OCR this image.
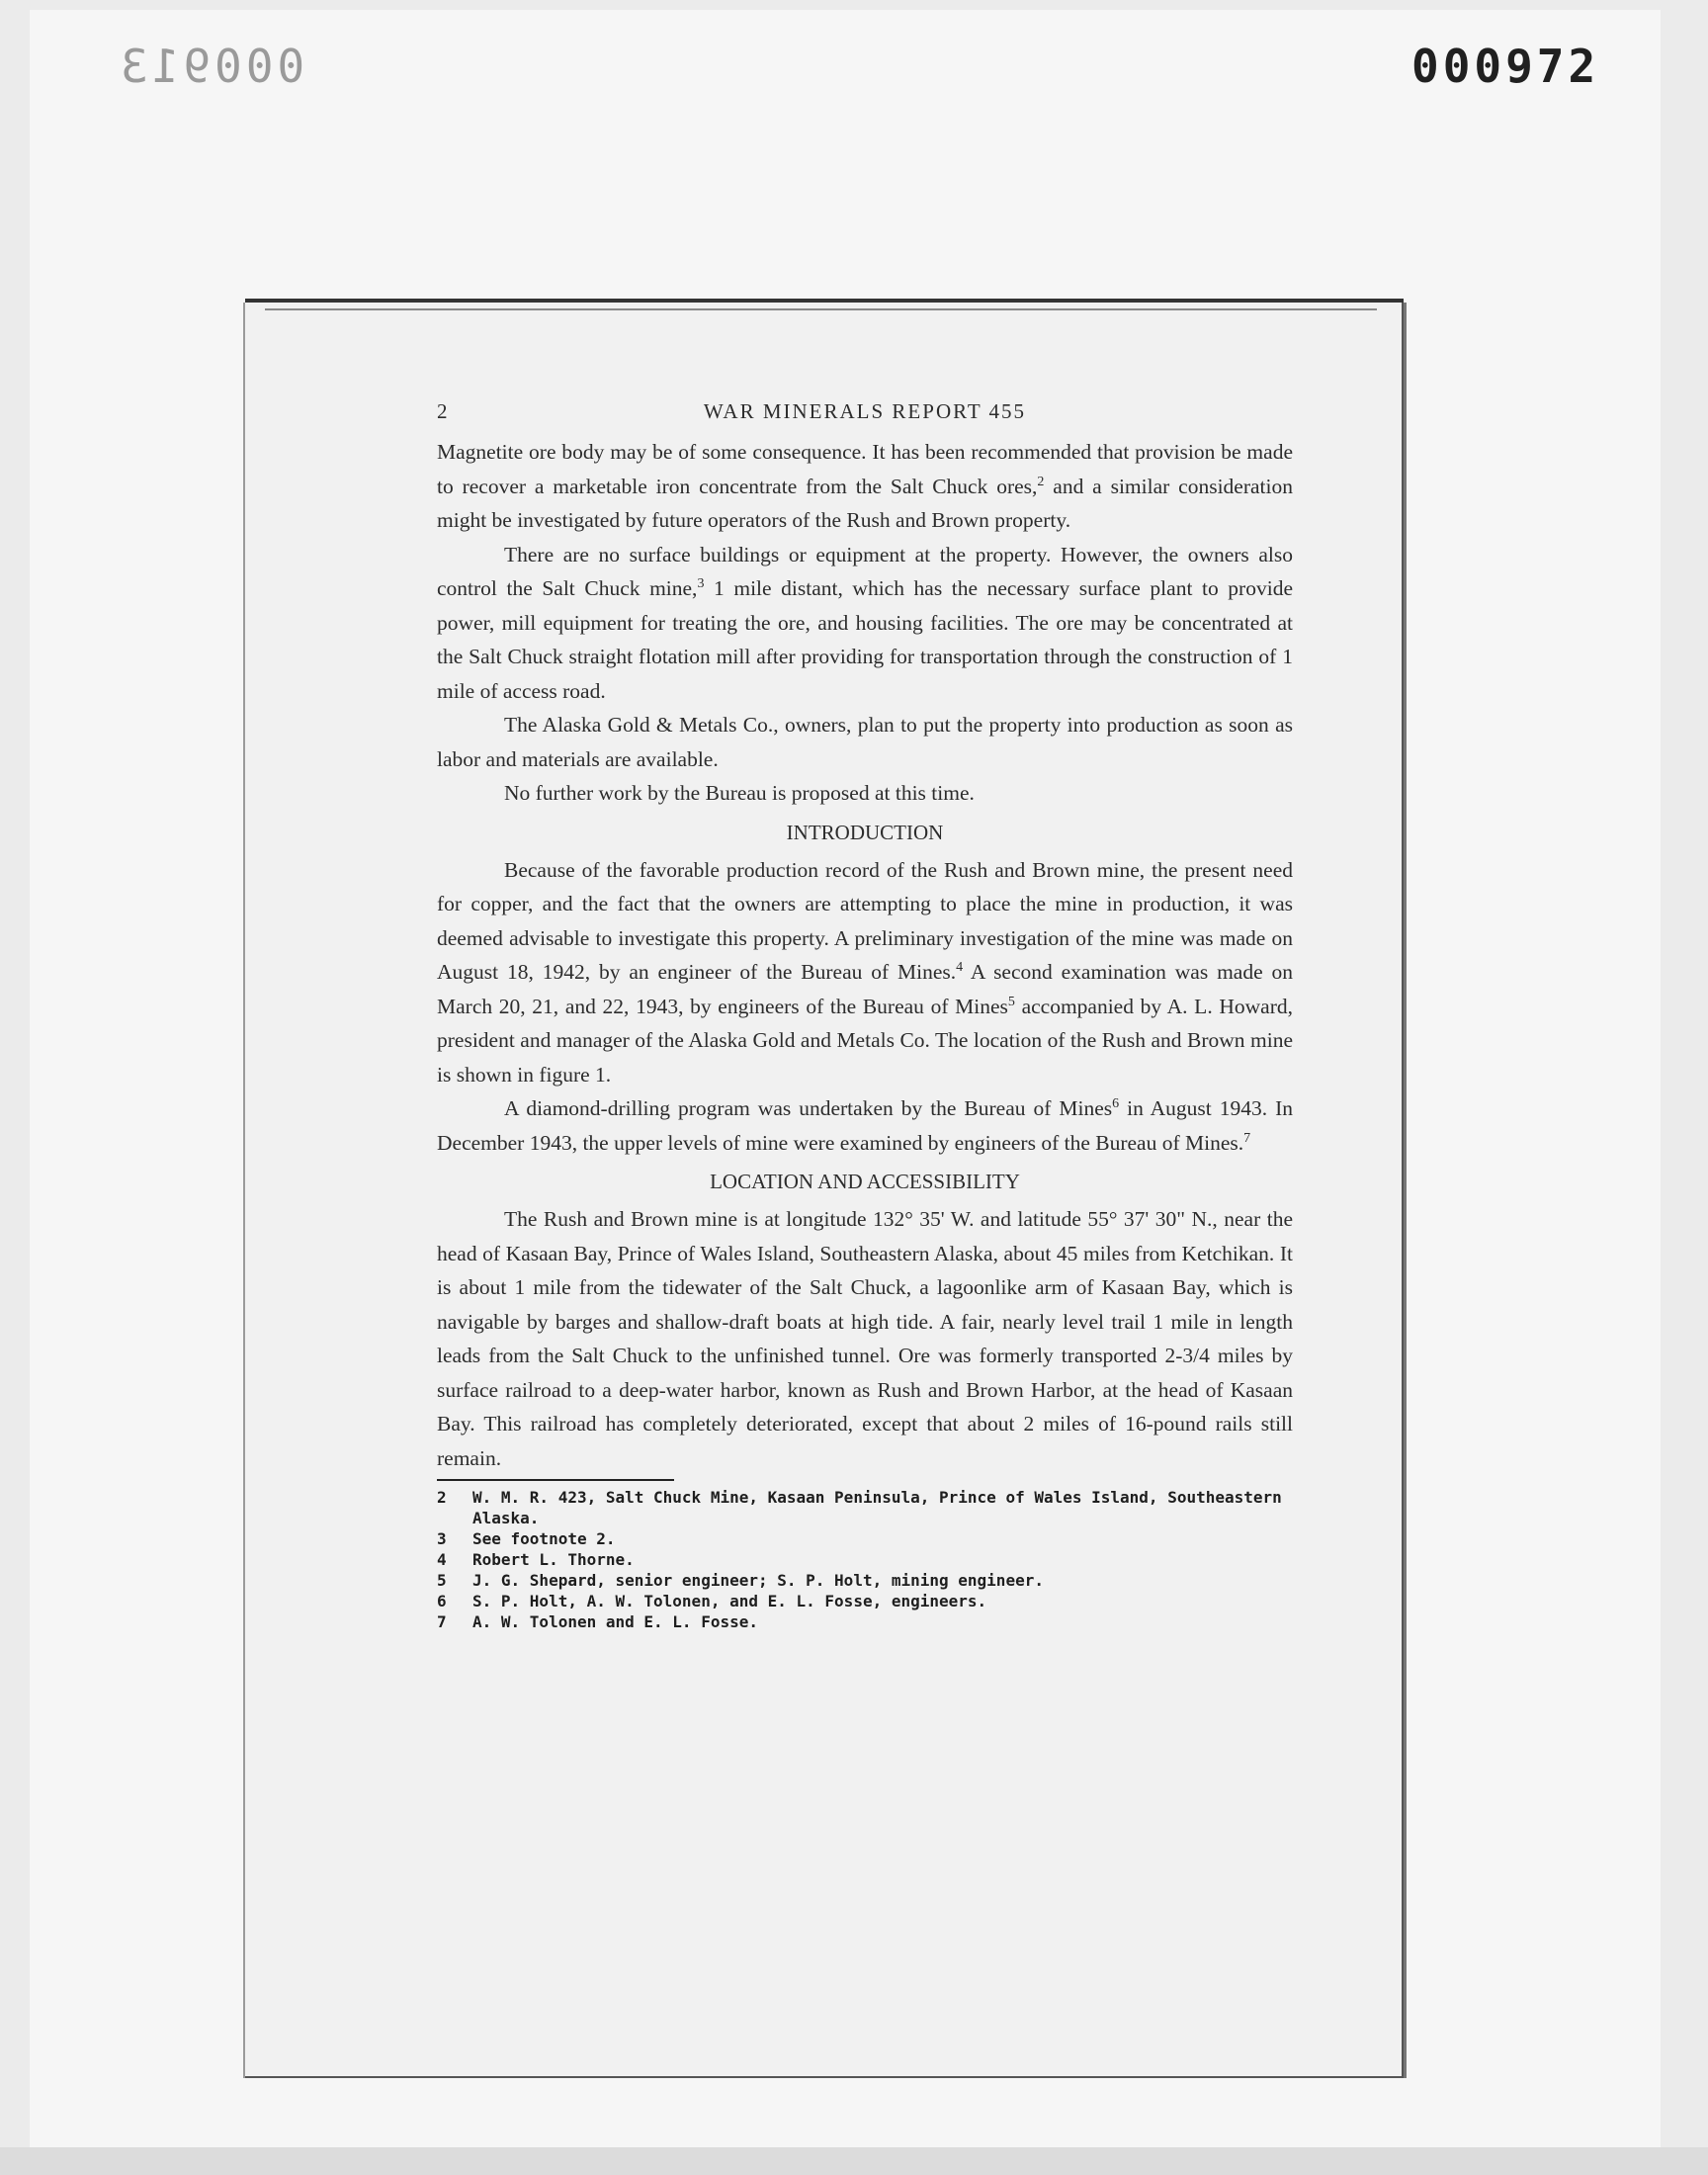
000913	000972
2	WAR MINERALS REPORT 455

Magnetite ore body may be of some consequence. It has been recommended that provision be made to recover a marketable iron concentrate from the Salt Chuck ores,$^2$ and a similar consideration might be investigated by future operators of the Rush and Brown property.

There are no surface buildings or equipment at the property. However, the owners also control the Salt Chuck mine,$^3$ 1 mile distant, which has the necessary surface plant to provide power, mill equipment for treating the ore, and housing facilities. The ore may be concentrated at the Salt Chuck straight flotation mill after providing for transportation through the construction of 1 mile of access road.

The Alaska Gold & Metals Co., owners, plan to put the property into production as soon as labor and materials are available.

No further work by the Bureau is proposed at this time.

INTRODUCTION

Because of the favorable production record of the Rush and Brown mine, the present need for copper, and the fact that the owners are attempting to place the mine in production, it was deemed advisable to investigate this property. A preliminary investigation of the mine was made on August 18, 1942, by an engineer of the Bureau of Mines.$^4$ A second examination was made on March 20, 21, and 22, 1943, by engineers of the Bureau of Mines$^5$ accompanied by A. L. Howard, president and manager of the Alaska Gold and Metals Co. The location of the Rush and Brown mine is shown in figure 1.

A diamond-drilling program was undertaken by the Bureau of Mines$^6$ in August 1943. In December 1943, the upper levels of mine were examined by engineers of the Bureau of Mines.$^7$

LOCATION AND ACCESSIBILITY

The Rush and Brown mine is at longitude 132° 35' W. and latitude 55° 37' 30" N., near the head of Kasaan Bay, Prince of Wales Island, Southeastern Alaska, about 45 miles from Ketchikan. It is about 1 mile from the tidewater of the Salt Chuck, a lagoonlike arm of Kasaan Bay, which is navigable by barges and shallow-draft boats at high tide. A fair, nearly level trail 1 mile in length leads from the Salt Chuck to the unfinished tunnel. Ore was formerly transported 2-3/4 miles by surface railroad to a deep-water harbor, known as Rush and Brown Harbor, at the head of Kasaan Bay. This railroad has completely deteriorated, except that about 2 miles of 16-pound rails still remain.

2	W. M. R. 423, Salt Chuck Mine, Kasaan Peninsula, Prince of Wales Island, Southeastern Alaska.
3	See footnote 2.
4	Robert L. Thorne.
5	J. G. Shepard, senior engineer; S. P. Holt, mining engineer.
6	S. P. Holt, A. W. Tolonen, and E. L. Fosse, engineers.
7	A. W. Tolonen and E. L. Fosse.
